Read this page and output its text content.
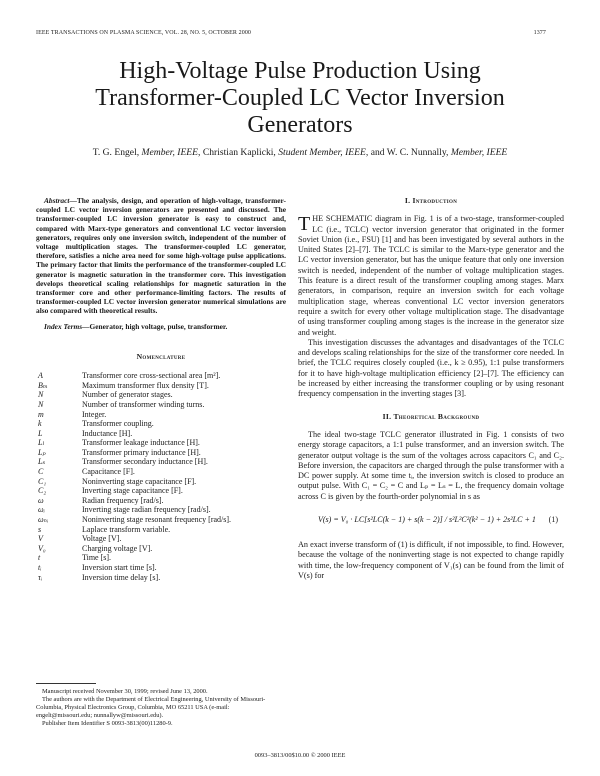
IEEE TRANSACTIONS ON PLASMA SCIENCE, VOL. 28, NO. 5, OCTOBER 2000	1377
High-Voltage Pulse Production Using
Transformer-Coupled LC Vector Inversion
Generators
T. G. Engel, Member, IEEE, Christian Kaplicki, Student Member, IEEE, and W. C. Nunnally, Member, IEEE

Abstract—The analysis, design, and operation of high-voltage, transformer-coupled LC vector inversion generators are presented and discussed. The transformer-coupled LC inversion generator is easy to construct and, compared with Marx-type generators and conventional LC vector inversion generators, requires only one inversion switch, independent of the number of voltage multiplication stages. The transformer-coupled LC generator, therefore, satisfies a niche area need for some high-voltage pulse applications. The primary factor that limits the performance of the transformer-coupled LC generator is magnetic saturation in the transformer core. This investigation develops theoretical scaling relationships for magnetic saturation in the transformer core and other performance-limiting factors. The results of transformer-coupled LC vector inversion generator numerical simulations are also compared with theoretical results.

Index Terms—Generator, high voltage, pulse, transformer.

Nomenclature
A	Transformer core cross-sectional area [m²].
Bₘ	Maximum transformer flux density [T].
N	Number of generator stages.
N	Number of transformer winding turns.
m	Integer.
k	Transformer coupling.
L	Inductance [H].
Lₗ	Transformer leakage inductance [H].
Lₚ	Transformer primary inductance [H].
Lₛ	Transformer secondary inductance [H].
C	Capacitance [F].
C₁	Noninverting stage capacitance [F].
C₂	Inverting stage capacitance [F].
ω	Radian frequency [rad/s].
ωᵢ	Inverting stage radian frequency [rad/s].
ωₙᵢ	Noninverting stage resonant frequency [rad/s].
s	Laplace transform variable.
V	Voltage [V].
V₀	Charging voltage [V].
t	Time [s].
tᵢ	Inversion start time [s].
τᵢ	Inversion time delay [s].

Manuscript received November 30, 1999; revised June 13, 2000.

The authors are with the Department of Electrical Engineering, University of Missouri-Columbia, Physical Electronics Group, Columbia, MO 65211 USA (e-mail: engelt@missouri.edu; nunnallyw@missouri.edu).

Publisher Item Identifier S 0093-3813(00)11280-9.

I. Introduction

THE SCHEMATIC diagram in Fig. 1 is of a two-stage, transformer-coupled LC (i.e., TCLC) vector inversion generator that originated in the former Soviet Union (i.e., FSU) [1] and has been investigated by several authors in the United States [2]–[7]. The TCLC is similar to the Marx-type generator and the LC vector inversion generator, but has the unique feature that only one inversion switch is needed, independent of the number of voltage multiplication stages. This feature is a direct result of the transformer coupling among stages. Marx generators, in comparison, require an inversion switch for each voltage multiplication stage, whereas conventional LC vector inversion generators require a switch for every other voltage multiplication stage. The disadvantage of using transformer coupling among stages is the increase in the generator size and weight.

This investigation discusses the advantages and disadvantages of the TCLC and develops scaling relationships for the size of the transformer core needed. In brief, the TCLC requires closely coupled (i.e., k ≥ 0.95), 1:1 pulse transformers for it to have high-voltage multiplication efficiency [2]–[7]. The efficiency can be increased by either increasing the transformer coupling or by using resonant frequency compensation in the inverting stages [3].

II. Theoretical Background

The ideal two-stage TCLC generator illustrated in Fig. 1 consists of two energy storage capacitors, a 1:1 pulse transformer, and an inversion switch. The generator output voltage is the sum of the voltages across capacitors C₁ and C₂. Before inversion, the capacitors are charged through the pulse transformer with a DC power supply. At some time tᵢ, the inversion switch is closed to produce an output pulse. With C₁ = C₂ = C and Lₚ = Lₛ = L, the frequency domain voltage across C is given by the fourth-order polynomial in s as

V(s) = V₀ · LC[s²LC(k − 1) + s(k − 2)] / s²L²C²(k² − 1) + 2s²LC + 1 (1)

An exact inverse transform of (1) is difficult, if not impossible, to find. However, because the voltage of the noninverting stage is not expected to change rapidly with time, the low-frequency component of V₁(s) can be found from the limit of V(s) for

0093–3813/00$10.00 © 2000 IEEE
